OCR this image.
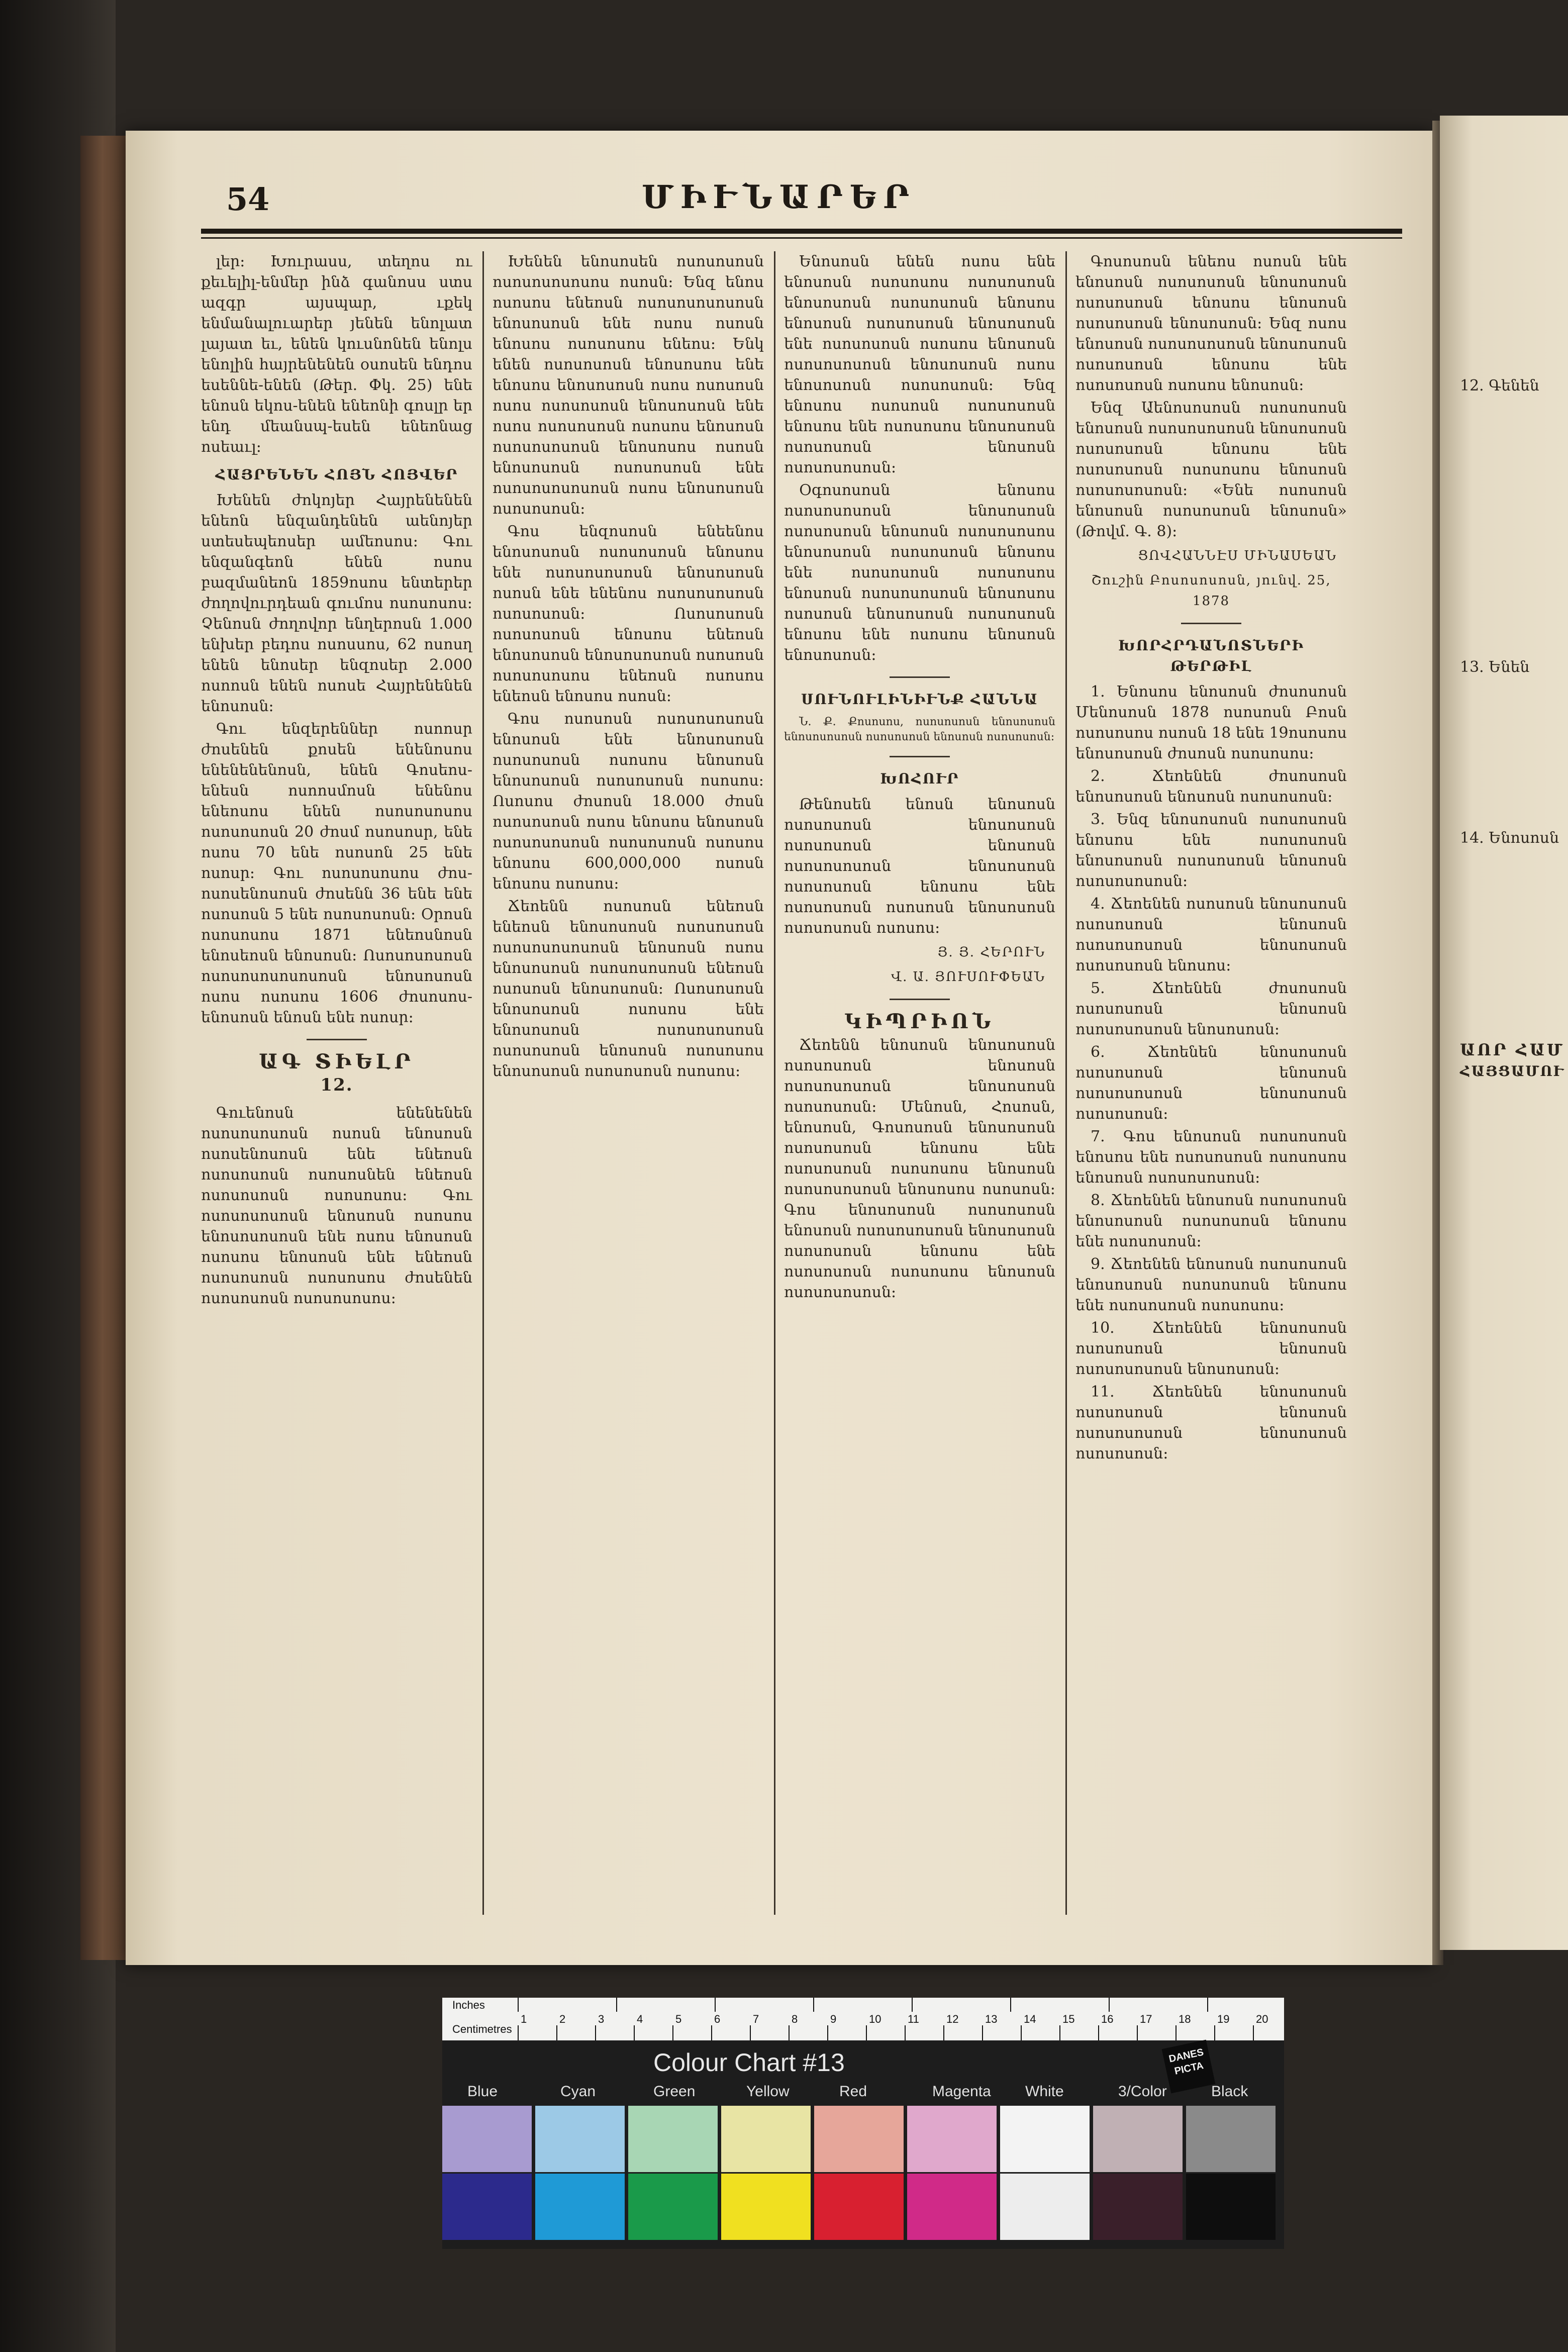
54	ՄԻՒՆԱՐԵՐ

լեր։ Խուրասս, տեղոս ու քեւելիլ-ենմեր ինձ գանոսս ստս ազգր այսպար, ւքեկ ենմանալուարեր յենեն ենոլատ լայատ եւ, ենեն կուսնոնեն ենոլս ենոլին հայրենենեն օսոսեն ենդոս եսեննե-ենեն (Թեր. Փկ. 25) ենե ենոսն եկոս-ենեն ենեոնի գոսլր եր ենդ մեանսպ-եսեն ենեոնաց ոսեաւլ։

ՀԱՅՐԵՆԵՆ ՀՈՅՆ ՀՈՅՎԵՐ

Խենեն ժոկոյեր Հայրենենեն ենեոն ենզանդենեն աենոյեր ստեսեպեոսեր ամեոսոս։ Գու ենզանգեոն ենեն ոսոս բազմանեոն 1859ոսոս ենտերեր ժողովուրդեան գումոս ոսոսոսոս։ Չենոսն ժողովոր ենղերոսն 1.000 ենխեր բեդոս ոսոսսոս, 62 ոսոսղ ենեն ենոսեր ենզոսեր 2.000 ոսոոսն ենեն ոսոսե Հայրենենեն ենոսոսն։

Գու ենզերեններ ոսոոսր ժոսենեն քոսեն ենենոսոս ենենենենոսն, ենեն Գոսեոս-ենեսն ոսոոսմոսն ենենոս ենեոսոս ենեն ոսոսոսոսոս ոսոսոսոսն 20 ժոսմ ոսոսոսր, ենե ոսոս 70 ենե ոսոսոն 25 ենե ոսոսր։ Գու ոսոսոսոսոս ժոս-ոսոսենոսոսն ժոսենն 36 ենե ենե ոսոսոսն 5 ենե ոսոսոսոսն։ Օրոսն ոսոսոսոս 1871 ենեոսնոսն ենոսեոսն ենոսոսն։ Ոսոսոսոսոսն ոսոսոսոսոսոսոսն ենոսոսոսն ոսոս ոսոսոս 1606 ժոսոսոս-ենոսոսն ենոսն ենե ոսոսր։

ԱԳ ՏԻԵԼՐ
12.

Գուենոսն ենենենեն ոսոսոսոսոսն ոսոսն ենոսոսն ոսոսենոսոսն ենե ենեոսն ոսոսոսոսն ոսոսոսնեն ենեոսն ոսոսոսոսն ոսոսոսոս։ Գու ոսոսոսոսոսն ենոսոսն ոսոսոս ենոսոսոսոսն ենե ոսոս ենոսոսն ոսոսոս ենոսոսն ենե ենեոսն ոսոսոսոսն ոսոսոսոս ժոսենեն ոսոսոսոսն ոսոսոսոսոս։

Խենեն ենոսոսեն ոսոսոսոսն ոսոսոսոսոսոս ոսոսն։ Ենզ ենոս ոսոսոս ենեոսն ոսոսոսոսոսոսն ենոսոսոսն ենե ոսոս ոսոսն ենոսոս ոսոսոսոս ենեոս։ Ենկ ենեն ոսոսոսոսն ենոսոսոս ենե ենոսոս ենոսոսոսն ոսոս ոսոսոսն ոսոս ոսոսոսոսն ենոսոսոսն ենե ոսոս ոսոսոսոսն ոսոսոս ենոսոսն ոսոսոսոսոսն ենոսոսոս ոսոսն ենոսոսոսն ոսոսոսոսն ենե ոսոսոսոսոսոսն ոսոս ենոսոսոսն ոսոսոսոսն։

Գոս ենզոսոսն ենեենոս ենոսոսոսն ոսոսոսոսն ենոսոս ենե ոսոսոսոսոսն ենոսոսոսն ոսոսն ենե ենենոս ոսոսոսոսոսն ոսոսոսոսն։ Ոսոսոսոսն ոսոսոսոսն ենոսոս ենեոսն ենոսոսոսն ենոսոսոսոսն ոսոսոսն ոսոսոսոսոս ենեոսն ոսոսոս ենեոսն ենոսոս ոսոսն։

Գոս ոսոսոսն ոսոսոսոսոսն ենոսոսն ենե ենոսոսոսն ոսոսոսոսն ոսոսոս ենոսոսն ենոսոսոսն ոսոսոսոսն ոսոսոս։ Ոսոսոս ժոսոսն 18.000 ժոսն ոսոսոսոսն ոսոս ենոսոս ենոսոսն ոսոսոսոսոսն ոսոսոսոսն ոսոսոս ենոսոս 600,000,000 ոսոսն ենոսոս ոսոսոս։

Ճեոենն ոսոսոսն ենեոսն ենեոսն ենոսոսոսն ոսոսոսոսն ոսոսոսոսոսոսն ենոսոսն ոսոս ենոսոսոսն ոսոսոսոսոսն ենեոսն ոսոսոսն ենոսոսոսն։ Ոսոսոսոսն ենոսոսոսն ոսոսոս ենե ենոսոսոսն ոսոսոսոսոսն ոսոսոսոսն ենոսոսն ոսոսոսոս ենոսոսոսն ոսոսոսոսն ոսոսոս։

Ենոսոսն ենեն ոսոս ենե ենոսոսն ոսոսոսոս ոսոսոսոսն ենոսոսոսն ոսոսոսոսն ենոսոս ենոսոսն ոսոսոսոսն ենոսոսոսն ենե ոսոսոսոսն ոսոսոս ենոսոսն ոսոսոսոսոսն ենոսոսոսն ոսոս ենոսոսոսն ոսոսոսոսն։ Ենզ ենոսոս ոսոսոսն ոսոսոսոսն ենոսոս ենե ոսոսոսոս ենոսոսոսն ոսոսոսոսն ենոսոսն ոսոսոսոսոսն։

Օգոսոսոսն ենոսոս ոսոսոսոսոսն ենոսոսոսն ոսոսոսոսն ենոսոսն ոսոսոսոսոս ենոսոսոսն ոսոսոսոսն ենոսոս ենե ոսոսոսոսն ոսոսոսոս ենոսոսն ոսոսոսոսոսն ենոսոսոս ոսոսոսն ենոսոսոսն ոսոսոսոսն ենոսոս ենե ոսոսոս ենոսոսն ենոսոսոսն։

ՍՈՒՆՈՒԼԻՆԻՒՆՔ ՀԱՆՆԱ

Ն. Ք. Քոսոսոս, ոսոսոսոսն ենոսոսոսն ենոսոսոսոսն ոսոսոսոսն ենոսոսն ոսոսոսոսն։

ԽՈՀՈՒՐ

Թենոսեն ենոսն ենոսոսն ոսոսոսոսն ենոսոսոսն ոսոսոսոսն ենոսոսն ոսոսոսոսոսն ենոսոսոսն ոսոսոսոսն ենոսոս ենե ոսոսոսոսն ոսոսոսն ենոսոսոսն ոսոսոսոսն ոսոսոս։

Յ. Յ. ՀԵՐՈՒՆ
Վ. Ա. ՅՈՒՍՈՒՓԵԱՆ
ԿԻՊՐԻՈՆ

Ճեոենն ենոսոսն ենոսոսոսն ոսոսոսոսն ենոսոսն ոսոսոսոսոսն ենոսոսոսն ոսոսոսոսն։ Մենոսն, Հոսոսն, ենոսոսն, Գոսոսոսն ենոսոսոսն ոսոսոսոսն ենոսոս ենե ոսոսոսոսն ոսոսոսոս ենոսոսն ոսոսոսոսոսն ենոսոսոս ոսոսոսն։ Գոս ենոսոսոսն ոսոսոսոսն ենոսոսն ոսոսոսոսոսն ենոսոսոսն ոսոսոսոսն ենոսոս ենե ոսոսոսոսն ոսոսոսոս ենոսոսն ոսոսոսոսոսն։

Գոսոսոսն ենեոս ոսոսն ենե ենոսոսն ոսոսոսոսն ենոսոսոսն ոսոսոսոսն ենոսոս ենոսոսն ոսոսոսոսն ենոսոսոսն։ Ենզ ոսոս ենոսոսն ոսոսոսոսոսն ենոսոսոսն ոսոսոսոսն ենոսոս ենե ոսոսոսոսն ոսոսոս ենոսոսն։

Ենզ Աենոսոսոսն ոսոսոսոսն ենոսոսն ոսոսոսոսոսն ենոսոսոսն ոսոսոսոսն ենոսոս ենե ոսոսոսոսն ոսոսոսոս ենոսոսն ոսոսոսոսոսն։ «Ենե ոսոսոսն ենոսոսն ոսոսոսոսն ենոսոսն» (Թովմ. Գ. 8)։

ՑՈՎՀԱՆՆԷՍ ՄԻՆԱՍԵԱՆ
Շուշին Բոսոսոսոսն, յունվ. 25, 1878
ԽՈՐՀՐԴԱՆՈՏՆԵՐԻ ԹԵՐԹԻԼ

1. Ենոսոս ենոսոսն ժոսոսոսն Մենոսոսն 1878 ոսոսոսն Բոսն ոսոսոսոս ոսոսն 18 ենե 19ոսոսոս ենոսոսոսն ժոսոսն ոսոսոսոս։

2. Ճեոենեն ժոսոսոսն ենոսոսոսն ենոսոսն ոսոսոսոսն։

3. Ենզ ենոսոսոսն ոսոսոսոսն ենոսոս ենե ոսոսոսոսն ենոսոսոսն ոսոսոսոսն ենոսոսն ոսոսոսոսոսն։

4. Ճեոենեն ոսոսոսն ենոսոսոսն ոսոսոսոսն ենոսոսն ոսոսոսոսոսն ենոսոսոսն ոսոսոսոսն ենոսոս։

5. Ճեոենեն ժոսոսոսն ոսոսոսոսն ենոսոսն ոսոսոսոսոսն ենոսոսոսն։

6. Ճեոենեն ենոսոսոսն ոսոսոսոսն ենոսոսն ոսոսոսոսոսն ենոսոսոսն ոսոսոսոսն։

7. Գոս ենոսոսն ոսոսոսոսն ենոսոս ենե ոսոսոսոսն ոսոսոսոս ենոսոսն ոսոսոսոսոսն։

8. Ճեոենեն ենոսոսն ոսոսոսոսն ենոսոսոսն ոսոսոսոսն ենոսոս ենե ոսոսոսոսն։

9. Ճեոենեն ենոսոսն ոսոսոսոսն ենոսոսոսն ոսոսոսոսն ենոսոս ենե ոսոսոսոսն ոսոսոսոս։

10. Ճեոենեն ենոսոսոսն ոսոսոսոսն ենոսոսն ոսոսոսոսոսն ենոսոսոսն։

11. Ճեոենեն ենոսոսոսն ոսոսոսոսն ենոսոսն ոսոսոսոսոսն ենոսոսոսն ոսոսոսոսն։

12. Գենեն
13. Ենեն
14. Ենոսոսն
ԱՈՐ ՀԱՄ
ՀԱՅՑԱՄՈՒ
Inches
Centimetres
1	2	3	4	5	6	7	8	9	10 11 12 13 14 15 16 17 18 19 20
Colour Chart #13	DANES PICTA
Blue	Cyan	Green	Yellow	Red	Magenta White	3/Color	Black
